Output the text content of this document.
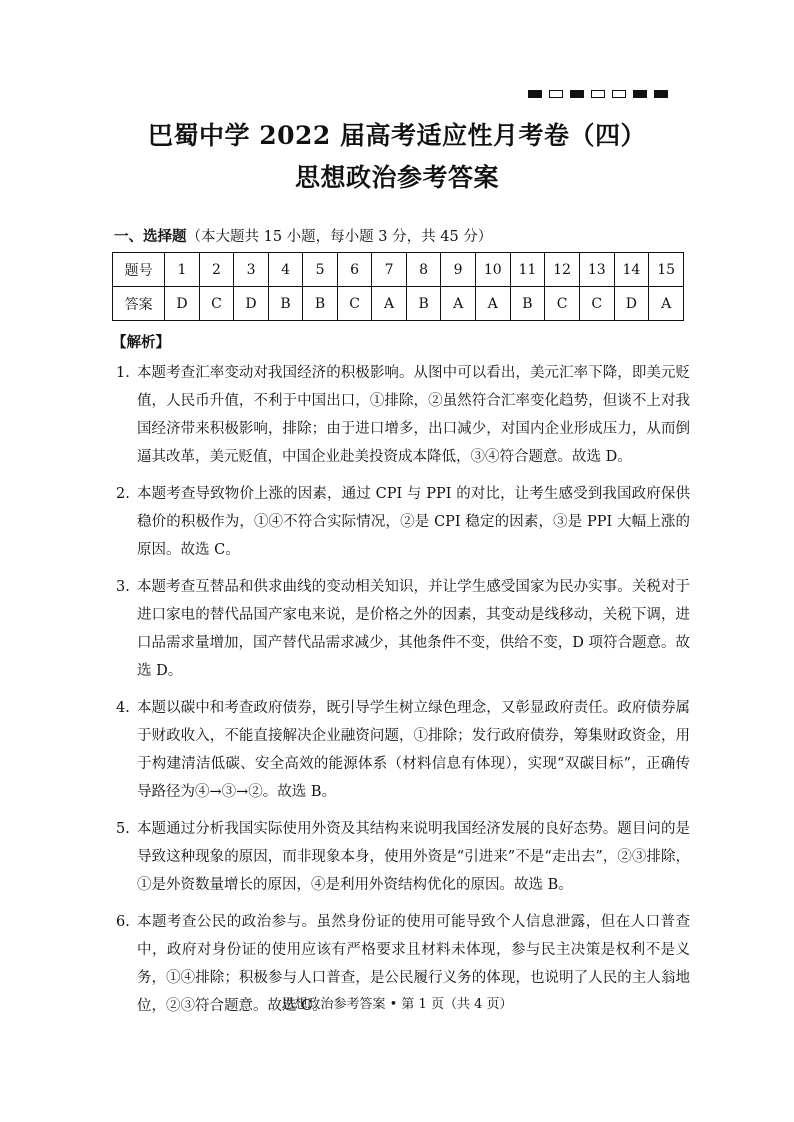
巴蜀中学 2022 届高考适应性月考卷（四）
思想政治参考答案
一、选择题（本大题共 15 小题，每小题 3 分，共 45 分）
题号	1	2	3	4	5	6	7	8	9	10	11	12	13	14	15
答案	D	C	D	B	B	C	A	B	A	A	B	C	C	D	A
【解析】
1. 本题考查汇率变动对我国经济的积极影响。从图中可以看出，美元汇率下降，即美元贬值，人民币升值，不利于中国出口，①排除，②虽然符合汇率变化趋势，但谈不上对我国经济带来积极影响，排除；由于进口增多，出口减少，对国内企业形成压力，从而倒逼其改革，美元贬值，中国企业赴美投资成本降低，③④符合题意。故选 D。
2. 本题考查导致物价上涨的因素，通过 CPI 与 PPI 的对比，让考生感受到我国政府保供稳价的积极作为，①④不符合实际情况，②是 CPI 稳定的因素，③是 PPI 大幅上涨的原因。故选 C。
3. 本题考查互替品和供求曲线的变动相关知识，并让学生感受国家为民办实事。关税对于进口家电的替代品国产家电来说，是价格之外的因素，其变动是线移动，关税下调，进口品需求量增加，国产替代品需求减少，其他条件不变，供给不变，D 项符合题意。故选 D。
4. 本题以碳中和考查政府债券，既引导学生树立绿色理念，又彰显政府责任。政府债券属于财政收入，不能直接解决企业融资问题，①排除；发行政府债券，筹集财政资金，用于构建清洁低碳、安全高效的能源体系（材料信息有体现），实现“双碳目标”，正确传导路径为④→③→②。故选 B。
5. 本题通过分析我国实际使用外资及其结构来说明我国经济发展的良好态势。题目问的是导致这种现象的原因，而非现象本身，使用外资是“引进来”不是“走出去”，②③排除，①是外资数量增长的原因，④是利用外资结构优化的原因。故选 B。
6. 本题考查公民的政治参与。虽然身份证的使用可能导致个人信息泄露，但在人口普查中，政府对身份证的使用应该有严格要求且材料未体现，参与民主决策是权利不是义务，①④排除；积极参与人口普查，是公民履行义务的体现，也说明了人民的主人翁地位，②③符合题意。故选 C。
思想政治参考答案 • 第 1 页（共 4 页）
